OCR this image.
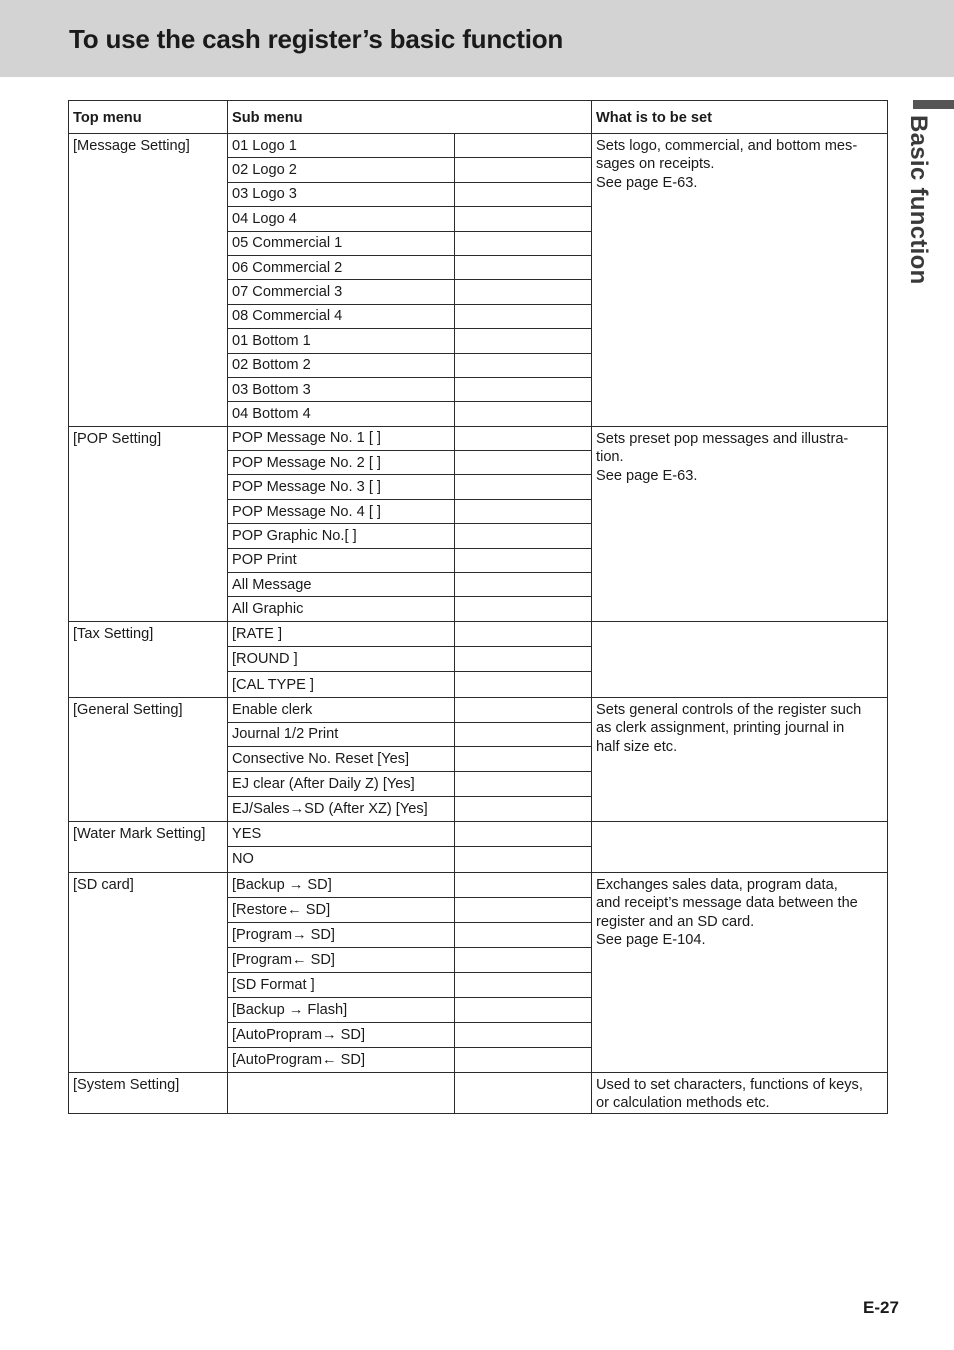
To use the cash register’s basic function
Basic function
Top menu	Sub menu		What is to be set
[Message Setting]	01 Logo 1		Sets logo, commercial, and bottom mes-
sages on receipts.
See page E-63.

	02 Logo 2		
	03 Logo 3		
	04 Logo 4		
	05 Commercial 1		
	06 Commercial 2		
	07 Commercial 3		
	08 Commercial 4		
	01 Bottom 1		
	02 Bottom 2		
	03 Bottom 3		
	04 Bottom 4		
[POP Setting]	POP Message No. 1 [ ]		Sets preset pop messages and illustra-
tion.
See page E-63.

	POP Message No. 2 [ ]		
	POP Message No. 3 [ ]		
	POP Message No. 4 [ ]		
	POP Graphic No.[ ]		
	POP Print		
	All Message		
	All Graphic		
[Tax Setting]	[RATE ]		
	[ROUND ]		
	[CAL TYPE ]		
[General Setting]	Enable clerk		Sets general controls of the register such
as clerk assignment, printing journal in
half size etc.

	Journal 1/2 Print		
	Consective No. Reset [Yes]		
	EJ clear (After Daily Z) [Yes]		
	EJ/Sales→SD (After XZ) [Yes]		
[Water Mark Setting]	YES		
	NO		
[SD card]	[Backup → SD]		Exchanges sales data, program data,
and receipt’s message data between the
register and an SD card.
See page E-104.

	[Restore← SD]		
	[Program→ SD]		
	[Program← SD]		
	[SD Format ]		
	[Backup → Flash]		
	[AutoPropram→ SD]		
	[AutoProgram← SD]		
[System Setting]			Used to set characters, functions of keys,
or calculation methods etc.
E-27
